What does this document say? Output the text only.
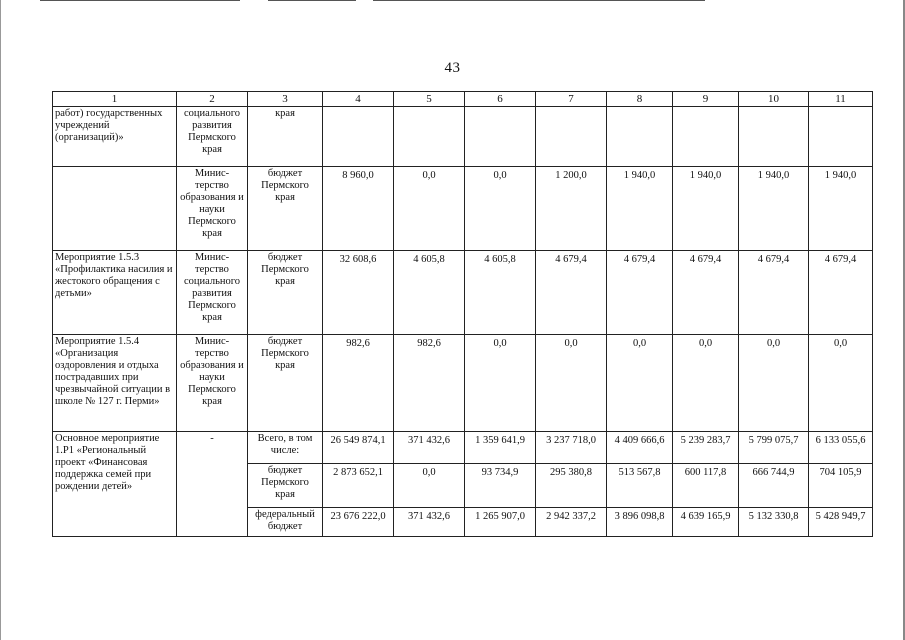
43
1	2	3	4	5	6	7	8	9	10	11
работ) государственных учреждений (организаций)»	социального развития Пермского края	края								
	Минис-терство образования и науки Пермского края	бюджет Пермского края	8 960,0	0,0	0,0	1 200,0	1 940,0	1 940,0	1 940,0	1 940,0
Мероприятие 1.5.3 «Профилактика насилия и жестокого обращения с детьми»	Минис-терство социального развития Пермского края	бюджет Пермского края	32 608,6	4 605,8	4 605,8	4 679,4	4 679,4	4 679,4	4 679,4	4 679,4
Мероприятие 1.5.4 «Организация оздоровления и отдыха пострадавших при чрезвычайной ситуации в школе № 127 г. Перми»	Минис-терство образования и науки Пермского края	бюджет Пермского края	982,6	982,6	0,0	0,0	0,0	0,0	0,0	0,0
Основное мероприятие 1.Р1 «Региональный проект «Финансовая поддержка семей при рождении детей»	-	Всего, в том числе:	26 549 874,1	371 432,6	1 359 641,9	3 237 718,0	4 409 666,6	5 239 283,7	5 799 075,7	6 133 055,6
		бюджет Пермского края	2 873 652,1	0,0	93 734,9	295 380,8	513 567,8	600 117,8	666 744,9	704 105,9
		федеральный бюджет	23 676 222,0	371 432,6	1 265 907,0	2 942 337,2	3 896 098,8	4 639 165,9	5 132 330,8	5 428 949,7
